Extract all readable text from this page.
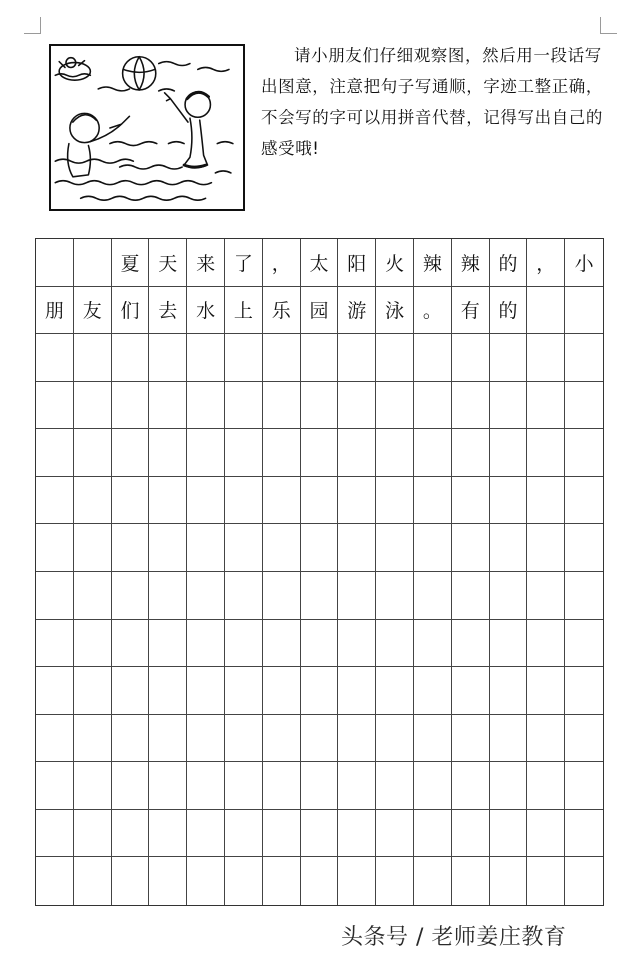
请小朋友们仔细观察图，然后用一段话写出图意，注意把句子写通顺，字迹工整正确，不会写的字可以用拼音代替，记得写出自己的感受哦!

夏 天 来 了 ， 太 阳 火 辣 辣 的 ，	小
朋 友 们 去 水 上 乐 园 游 泳 。 有 的
头条号 / 老师姜庄教育
